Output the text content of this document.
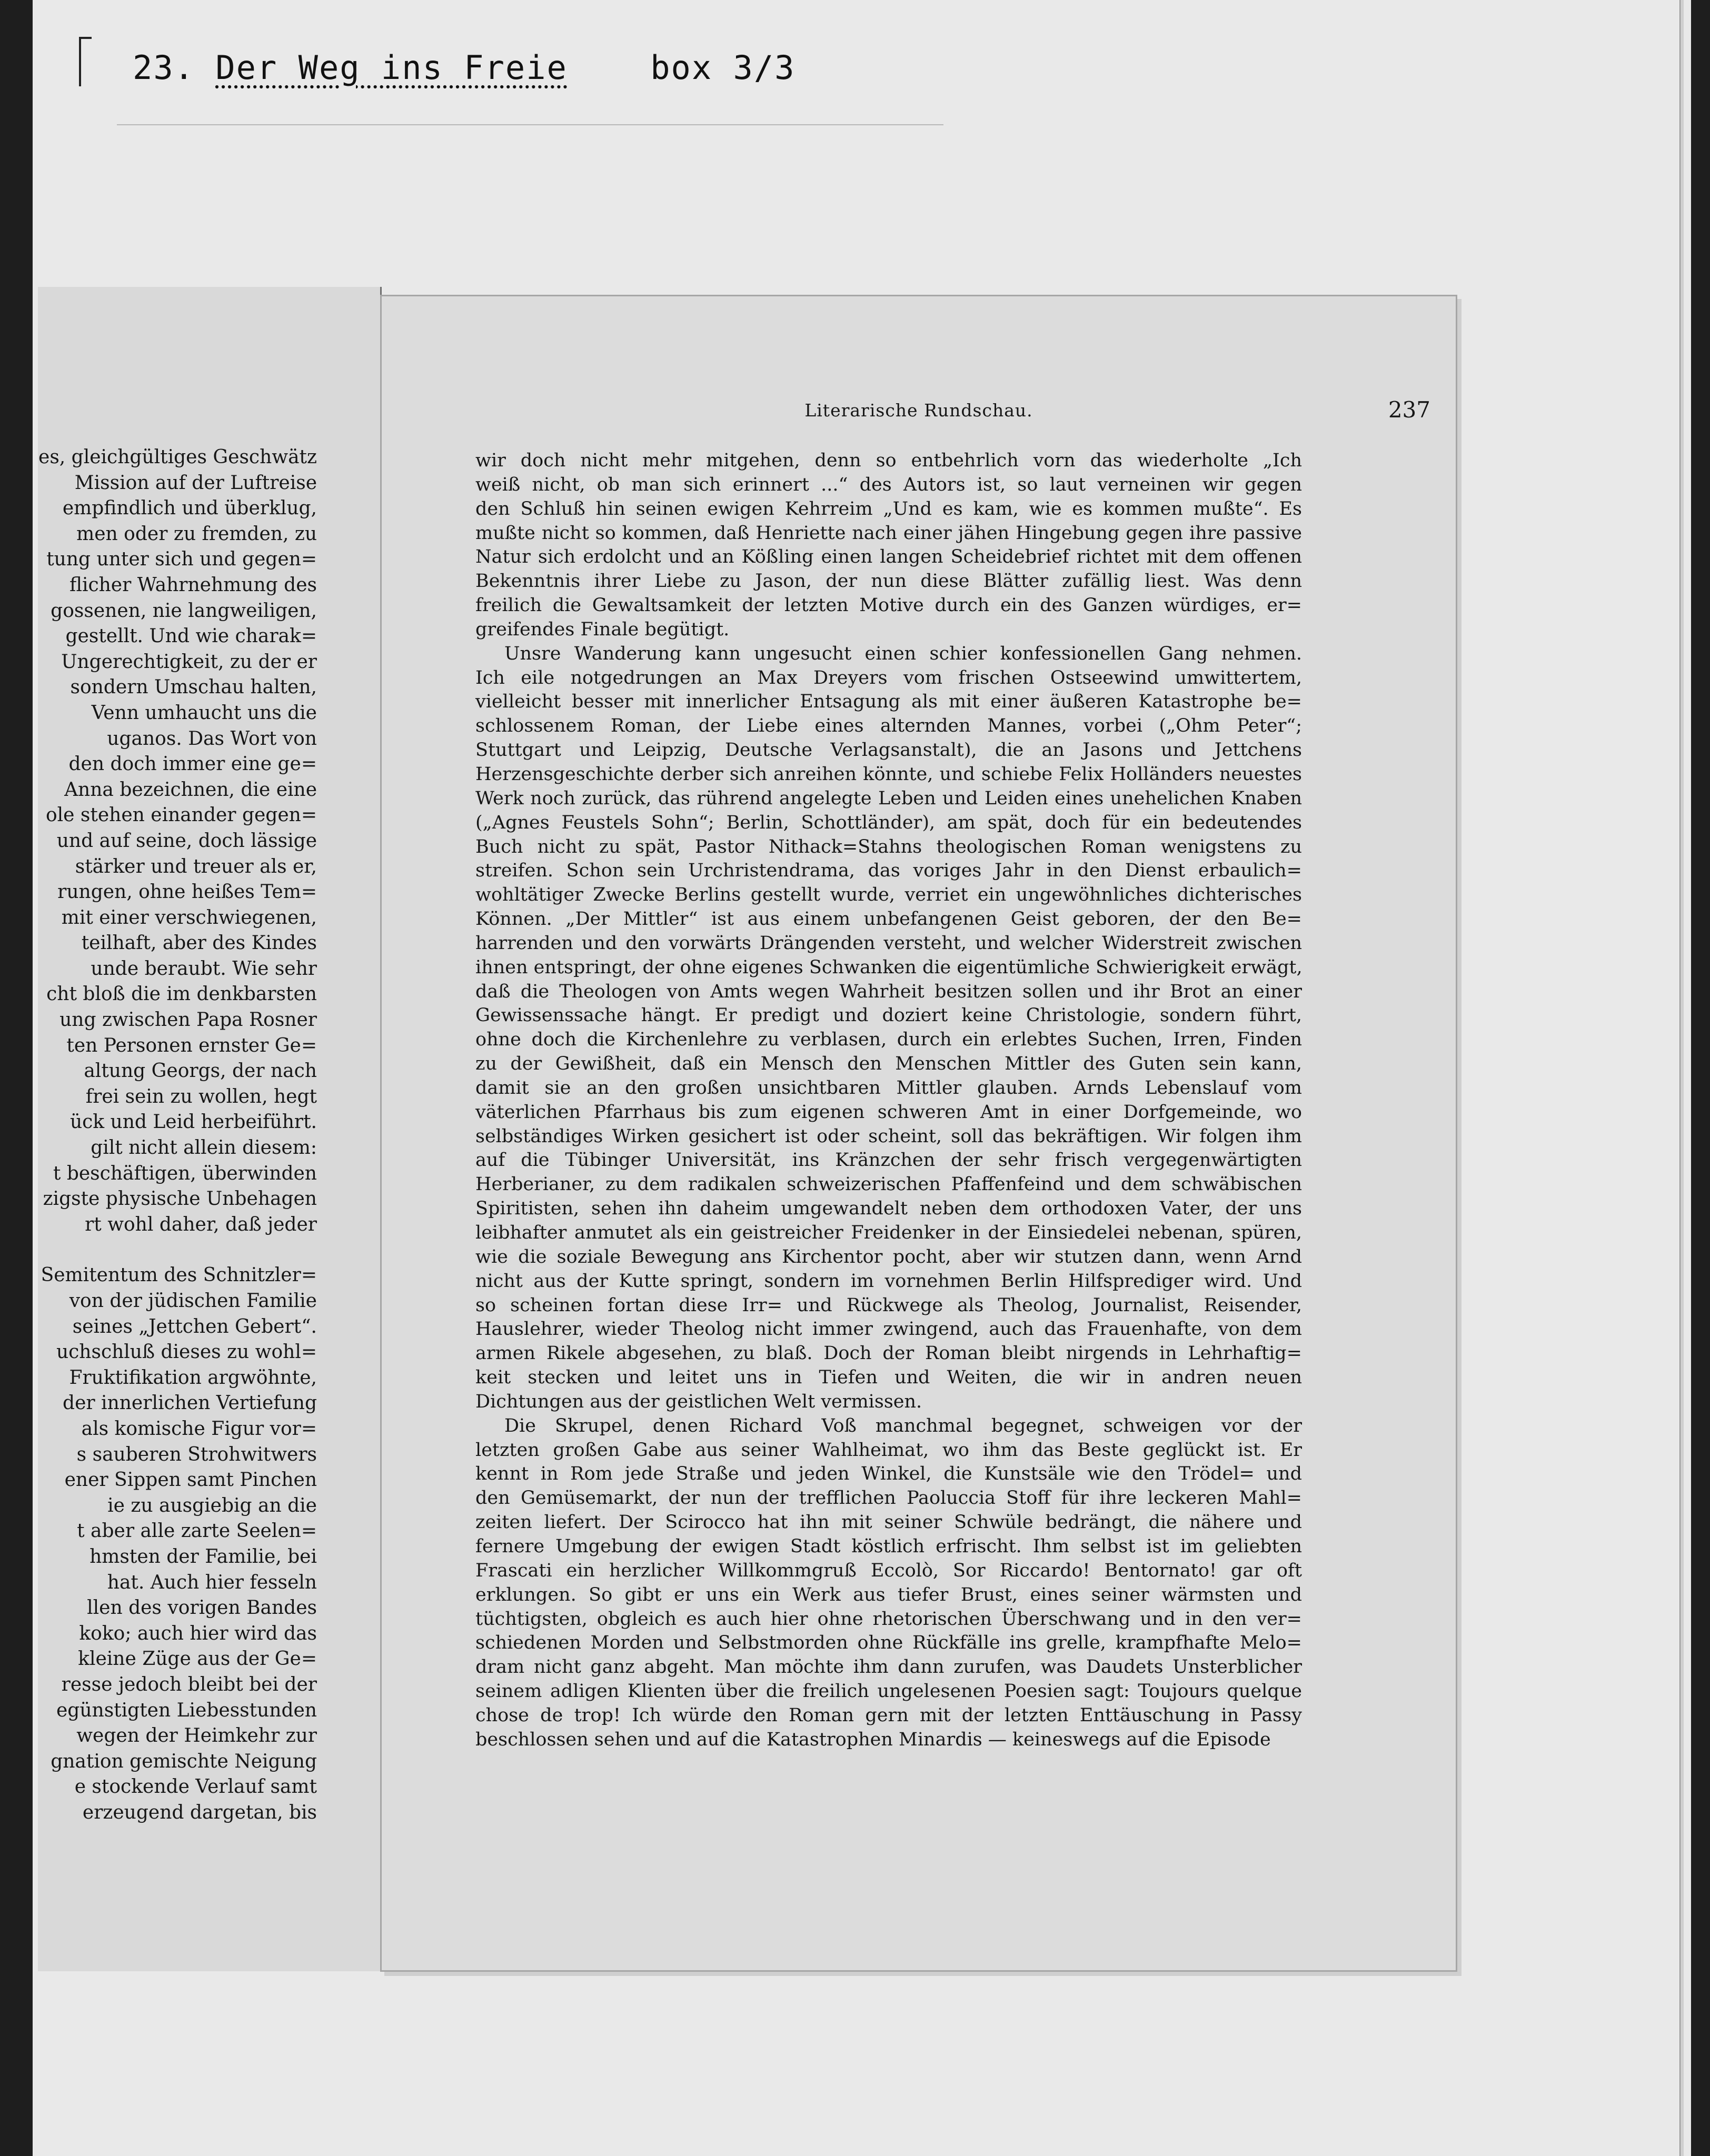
23. Der Weg ins Freie	box 3/3
es, gleichgültiges Geschwätz
Mission auf der Luftreise
empfindlich und überklug,
men oder zu fremden, zu
tung unter sich und gegen=
flicher Wahrnehmung des
gossenen, nie langweiligen,
gestellt. Und wie charak=
Ungerechtigkeit, zu der er
sondern Umschau halten,
Venn umhaucht uns die
uganos. Das Wort von
den doch immer eine ge=
Anna bezeichnen, die eine
ole stehen einander gegen=
und auf seine, doch lässige
stärker und treuer als er,
rungen, ohne heißes Tem=
mit einer verschwiegenen,
teilhaft, aber des Kindes
unde beraubt. Wie sehr
cht bloß die im denkbarsten
ung zwischen Papa Rosner
ten Personen ernster Ge=
altung Georgs, der nach
frei sein zu wollen, hegt
ück und Leid herbeiführt.
gilt nicht allein diesem:
t beschäftigen, überwinden
zigste physische Unbehagen
rt wohl daher, daß jeder
Semitentum des Schnitzler=
von der jüdischen Familie
seines „Jettchen Gebert“.
uchschluß dieses zu wohl=
Fruktifikation argwöhnte,
der innerlichen Vertiefung
als komische Figur vor=
s sauberen Strohwitwers
ener Sippen samt Pinchen
ie zu ausgiebig an die
t aber alle zarte Seelen=
hmsten der Familie, bei
hat. Auch hier fesseln
llen des vorigen Bandes
koko; auch hier wird das
kleine Züge aus der Ge=
resse jedoch bleibt bei der
egünstigten Liebesstunden
wegen der Heimkehr zur
gnation gemischte Neigung
e stockende Verlauf samt
erzeugend dargetan, bis
Literarische Rundschau.	237
wir doch nicht mehr mitgehen, denn so entbehrlich vorn das wiederholte „Ich
weiß nicht, ob man sich erinnert ...“ des Autors ist, so laut verneinen wir gegen
den Schluß hin seinen ewigen Kehrreim „Und es kam, wie es kommen mußte“. Es
mußte nicht so kommen, daß Henriette nach einer jähen Hingebung gegen ihre passive
Natur sich erdolcht und an Kößling einen langen Scheidebrief richtet mit dem offenen
Bekenntnis ihrer Liebe zu Jason, der nun diese Blätter zufällig liest. Was denn
freilich die Gewaltsamkeit der letzten Motive durch ein des Ganzen würdiges, er=
greifendes Finale begütigt.
Unsre Wanderung kann ungesucht einen schier konfessionellen Gang nehmen.
Ich eile notgedrungen an Max Dreyers vom frischen Ostseewind umwittertem,
vielleicht besser mit innerlicher Entsagung als mit einer äußeren Katastrophe be=
schlossenem Roman, der Liebe eines alternden Mannes, vorbei („Ohm Peter“;
Stuttgart und Leipzig, Deutsche Verlagsanstalt), die an Jasons und Jettchens
Herzensgeschichte derber sich anreihen könnte, und schiebe Felix Holländers neuestes
Werk noch zurück, das rührend angelegte Leben und Leiden eines unehelichen Knaben
(„Agnes Feustels Sohn“; Berlin, Schottländer), am spät, doch für ein bedeutendes
Buch nicht zu spät, Pastor Nithack=Stahns theologischen Roman wenigstens zu
streifen. Schon sein Urchristendrama, das voriges Jahr in den Dienst erbaulich=
wohltätiger Zwecke Berlins gestellt wurde, verriet ein ungewöhnliches dichterisches
Können. „Der Mittler“ ist aus einem unbefangenen Geist geboren, der den Be=
harrenden und den vorwärts Drängenden versteht, und welcher Widerstreit zwischen
ihnen entspringt, der ohne eigenes Schwanken die eigentümliche Schwierigkeit erwägt,
daß die Theologen von Amts wegen Wahrheit besitzen sollen und ihr Brot an einer
Gewissenssache hängt. Er predigt und doziert keine Christologie, sondern führt,
ohne doch die Kirchenlehre zu verblasen, durch ein erlebtes Suchen, Irren, Finden
zu der Gewißheit, daß ein Mensch den Menschen Mittler des Guten sein kann,
damit sie an den großen unsichtbaren Mittler glauben. Arnds Lebenslauf vom
väterlichen Pfarrhaus bis zum eigenen schweren Amt in einer Dorfgemeinde, wo
selbständiges Wirken gesichert ist oder scheint, soll das bekräftigen. Wir folgen ihm
auf die Tübinger Universität, ins Kränzchen der sehr frisch vergegenwärtigten
Herberianer, zu dem radikalen schweizerischen Pfaffenfeind und dem schwäbischen
Spiritisten, sehen ihn daheim umgewandelt neben dem orthodoxen Vater, der uns
leibhafter anmutet als ein geistreicher Freidenker in der Einsiedelei nebenan, spüren,
wie die soziale Bewegung ans Kirchentor pocht, aber wir stutzen dann, wenn Arnd
nicht aus der Kutte springt, sondern im vornehmen Berlin Hilfsprediger wird. Und
so scheinen fortan diese Irr= und Rückwege als Theolog, Journalist, Reisender,
Hauslehrer, wieder Theolog nicht immer zwingend, auch das Frauenhafte, von dem
armen Rikele abgesehen, zu blaß. Doch der Roman bleibt nirgends in Lehrhaftig=
keit stecken und leitet uns in Tiefen und Weiten, die wir in andren neuen
Dichtungen aus der geistlichen Welt vermissen.
Die Skrupel, denen Richard Voß manchmal begegnet, schweigen vor der
letzten großen Gabe aus seiner Wahlheimat, wo ihm das Beste geglückt ist. Er
kennt in Rom jede Straße und jeden Winkel, die Kunstsäle wie den Trödel= und
den Gemüsemarkt, der nun der trefflichen Paoluccia Stoff für ihre leckeren Mahl=
zeiten liefert. Der Scirocco hat ihn mit seiner Schwüle bedrängt, die nähere und
fernere Umgebung der ewigen Stadt köstlich erfrischt. Ihm selbst ist im geliebten
Frascati ein herzlicher Willkommgruß Eccolò, Sor Riccardo! Bentornato! gar oft
erklungen. So gibt er uns ein Werk aus tiefer Brust, eines seiner wärmsten und
tüchtigsten, obgleich es auch hier ohne rhetorischen Überschwang und in den ver=
schiedenen Morden und Selbstmorden ohne Rückfälle ins grelle, krampfhafte Melo=
dram nicht ganz abgeht. Man möchte ihm dann zurufen, was Daudets Unsterblicher
seinem adligen Klienten über die freilich ungelesenen Poesien sagt: Toujours quelque
chose de trop! Ich würde den Roman gern mit der letzten Enttäuschung in Passy
beschlossen sehen und auf die Katastrophen Minardis — keineswegs auf die Episode
